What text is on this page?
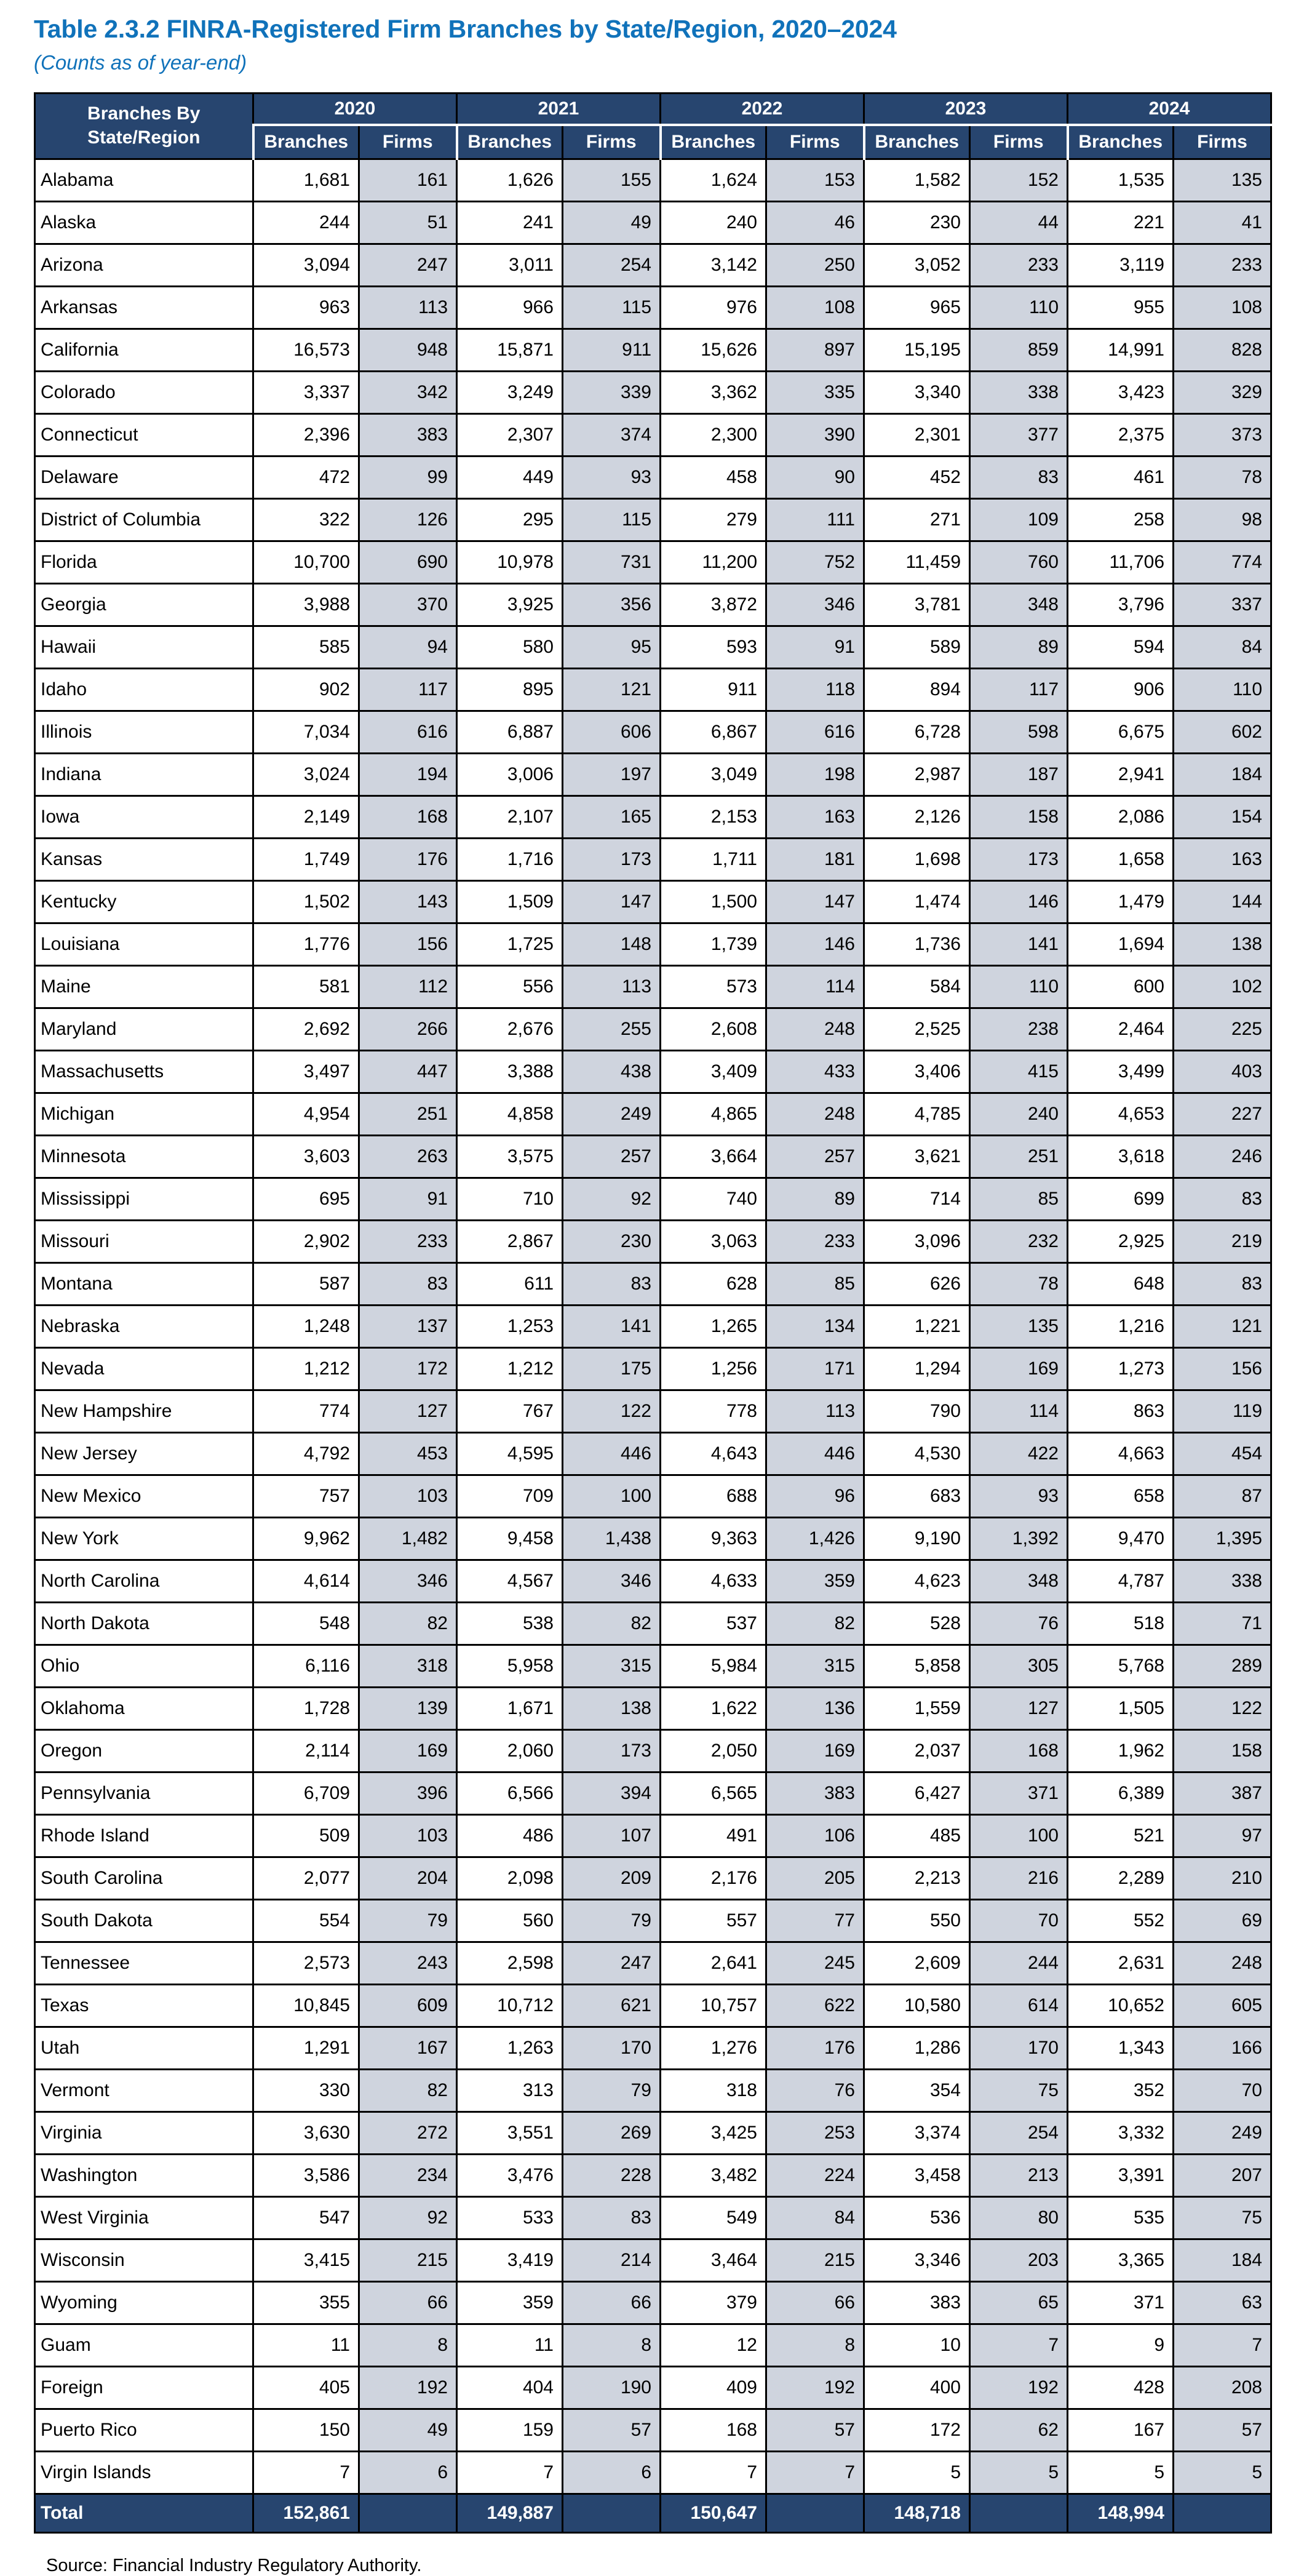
Table 2.3.2 FINRA-Registered Firm Branches by State/Region, 2020–2024
(Counts as of year-end)
Branches By
State/Region	2020		2021		2022		2023		2024	
	Branches	Firms	Branches	Firms	Branches	Firms	Branches	Firms	Branches	Firms
Alabama	1,681	161	1,626	155	1,624	153	1,582	152	1,535	135
Alaska	244	51	241	49	240	46	230	44	221	41
Arizona	3,094	247	3,011	254	3,142	250	3,052	233	3,119	233
Arkansas	963	113	966	115	976	108	965	110	955	108
California	16,573	948	15,871	911	15,626	897	15,195	859	14,991	828
Colorado	3,337	342	3,249	339	3,362	335	3,340	338	3,423	329
Connecticut	2,396	383	2,307	374	2,300	390	2,301	377	2,375	373
Delaware	472	99	449	93	458	90	452	83	461	78
District of Columbia	322	126	295	115	279	111	271	109	258	98
Florida	10,700	690	10,978	731	11,200	752	11,459	760	11,706	774
Georgia	3,988	370	3,925	356	3,872	346	3,781	348	3,796	337
Hawaii	585	94	580	95	593	91	589	89	594	84
Idaho	902	117	895	121	911	118	894	117	906	110
Illinois	7,034	616	6,887	606	6,867	616	6,728	598	6,675	602
Indiana	3,024	194	3,006	197	3,049	198	2,987	187	2,941	184
Iowa	2,149	168	2,107	165	2,153	163	2,126	158	2,086	154
Kansas	1,749	176	1,716	173	1,711	181	1,698	173	1,658	163
Kentucky	1,502	143	1,509	147	1,500	147	1,474	146	1,479	144
Louisiana	1,776	156	1,725	148	1,739	146	1,736	141	1,694	138
Maine	581	112	556	113	573	114	584	110	600	102
Maryland	2,692	266	2,676	255	2,608	248	2,525	238	2,464	225
Massachusetts	3,497	447	3,388	438	3,409	433	3,406	415	3,499	403
Michigan	4,954	251	4,858	249	4,865	248	4,785	240	4,653	227
Minnesota	3,603	263	3,575	257	3,664	257	3,621	251	3,618	246
Mississippi	695	91	710	92	740	89	714	85	699	83
Missouri	2,902	233	2,867	230	3,063	233	3,096	232	2,925	219
Montana	587	83	611	83	628	85	626	78	648	83
Nebraska	1,248	137	1,253	141	1,265	134	1,221	135	1,216	121
Nevada	1,212	172	1,212	175	1,256	171	1,294	169	1,273	156
New Hampshire	774	127	767	122	778	113	790	114	863	119
New Jersey	4,792	453	4,595	446	4,643	446	4,530	422	4,663	454
New Mexico	757	103	709	100	688	96	683	93	658	87
New York	9,962	1,482	9,458	1,438	9,363	1,426	9,190	1,392	9,470	1,395
North Carolina	4,614	346	4,567	346	4,633	359	4,623	348	4,787	338
North Dakota	548	82	538	82	537	82	528	76	518	71
Ohio	6,116	318	5,958	315	5,984	315	5,858	305	5,768	289
Oklahoma	1,728	139	1,671	138	1,622	136	1,559	127	1,505	122
Oregon	2,114	169	2,060	173	2,050	169	2,037	168	1,962	158
Pennsylvania	6,709	396	6,566	394	6,565	383	6,427	371	6,389	387
Rhode Island	509	103	486	107	491	106	485	100	521	97
South Carolina	2,077	204	2,098	209	2,176	205	2,213	216	2,289	210
South Dakota	554	79	560	79	557	77	550	70	552	69
Tennessee	2,573	243	2,598	247	2,641	245	2,609	244	2,631	248
Texas	10,845	609	10,712	621	10,757	622	10,580	614	10,652	605
Utah	1,291	167	1,263	170	1,276	176	1,286	170	1,343	166
Vermont	330	82	313	79	318	76	354	75	352	70
Virginia	3,630	272	3,551	269	3,425	253	3,374	254	3,332	249
Washington	3,586	234	3,476	228	3,482	224	3,458	213	3,391	207
West Virginia	547	92	533	83	549	84	536	80	535	75
Wisconsin	3,415	215	3,419	214	3,464	215	3,346	203	3,365	184
Wyoming	355	66	359	66	379	66	383	65	371	63
Guam	11	8	11	8	12	8	10	7	9	7
Foreign	405	192	404	190	409	192	400	192	428	208
Puerto Rico	150	49	159	57	168	57	172	62	167	57
Virgin Islands	7	6	7	6	7	7	5	5	5	5
Total	152,861		149,887		150,647		148,718		148,994	
Source: Financial Industry Regulatory Authority.
